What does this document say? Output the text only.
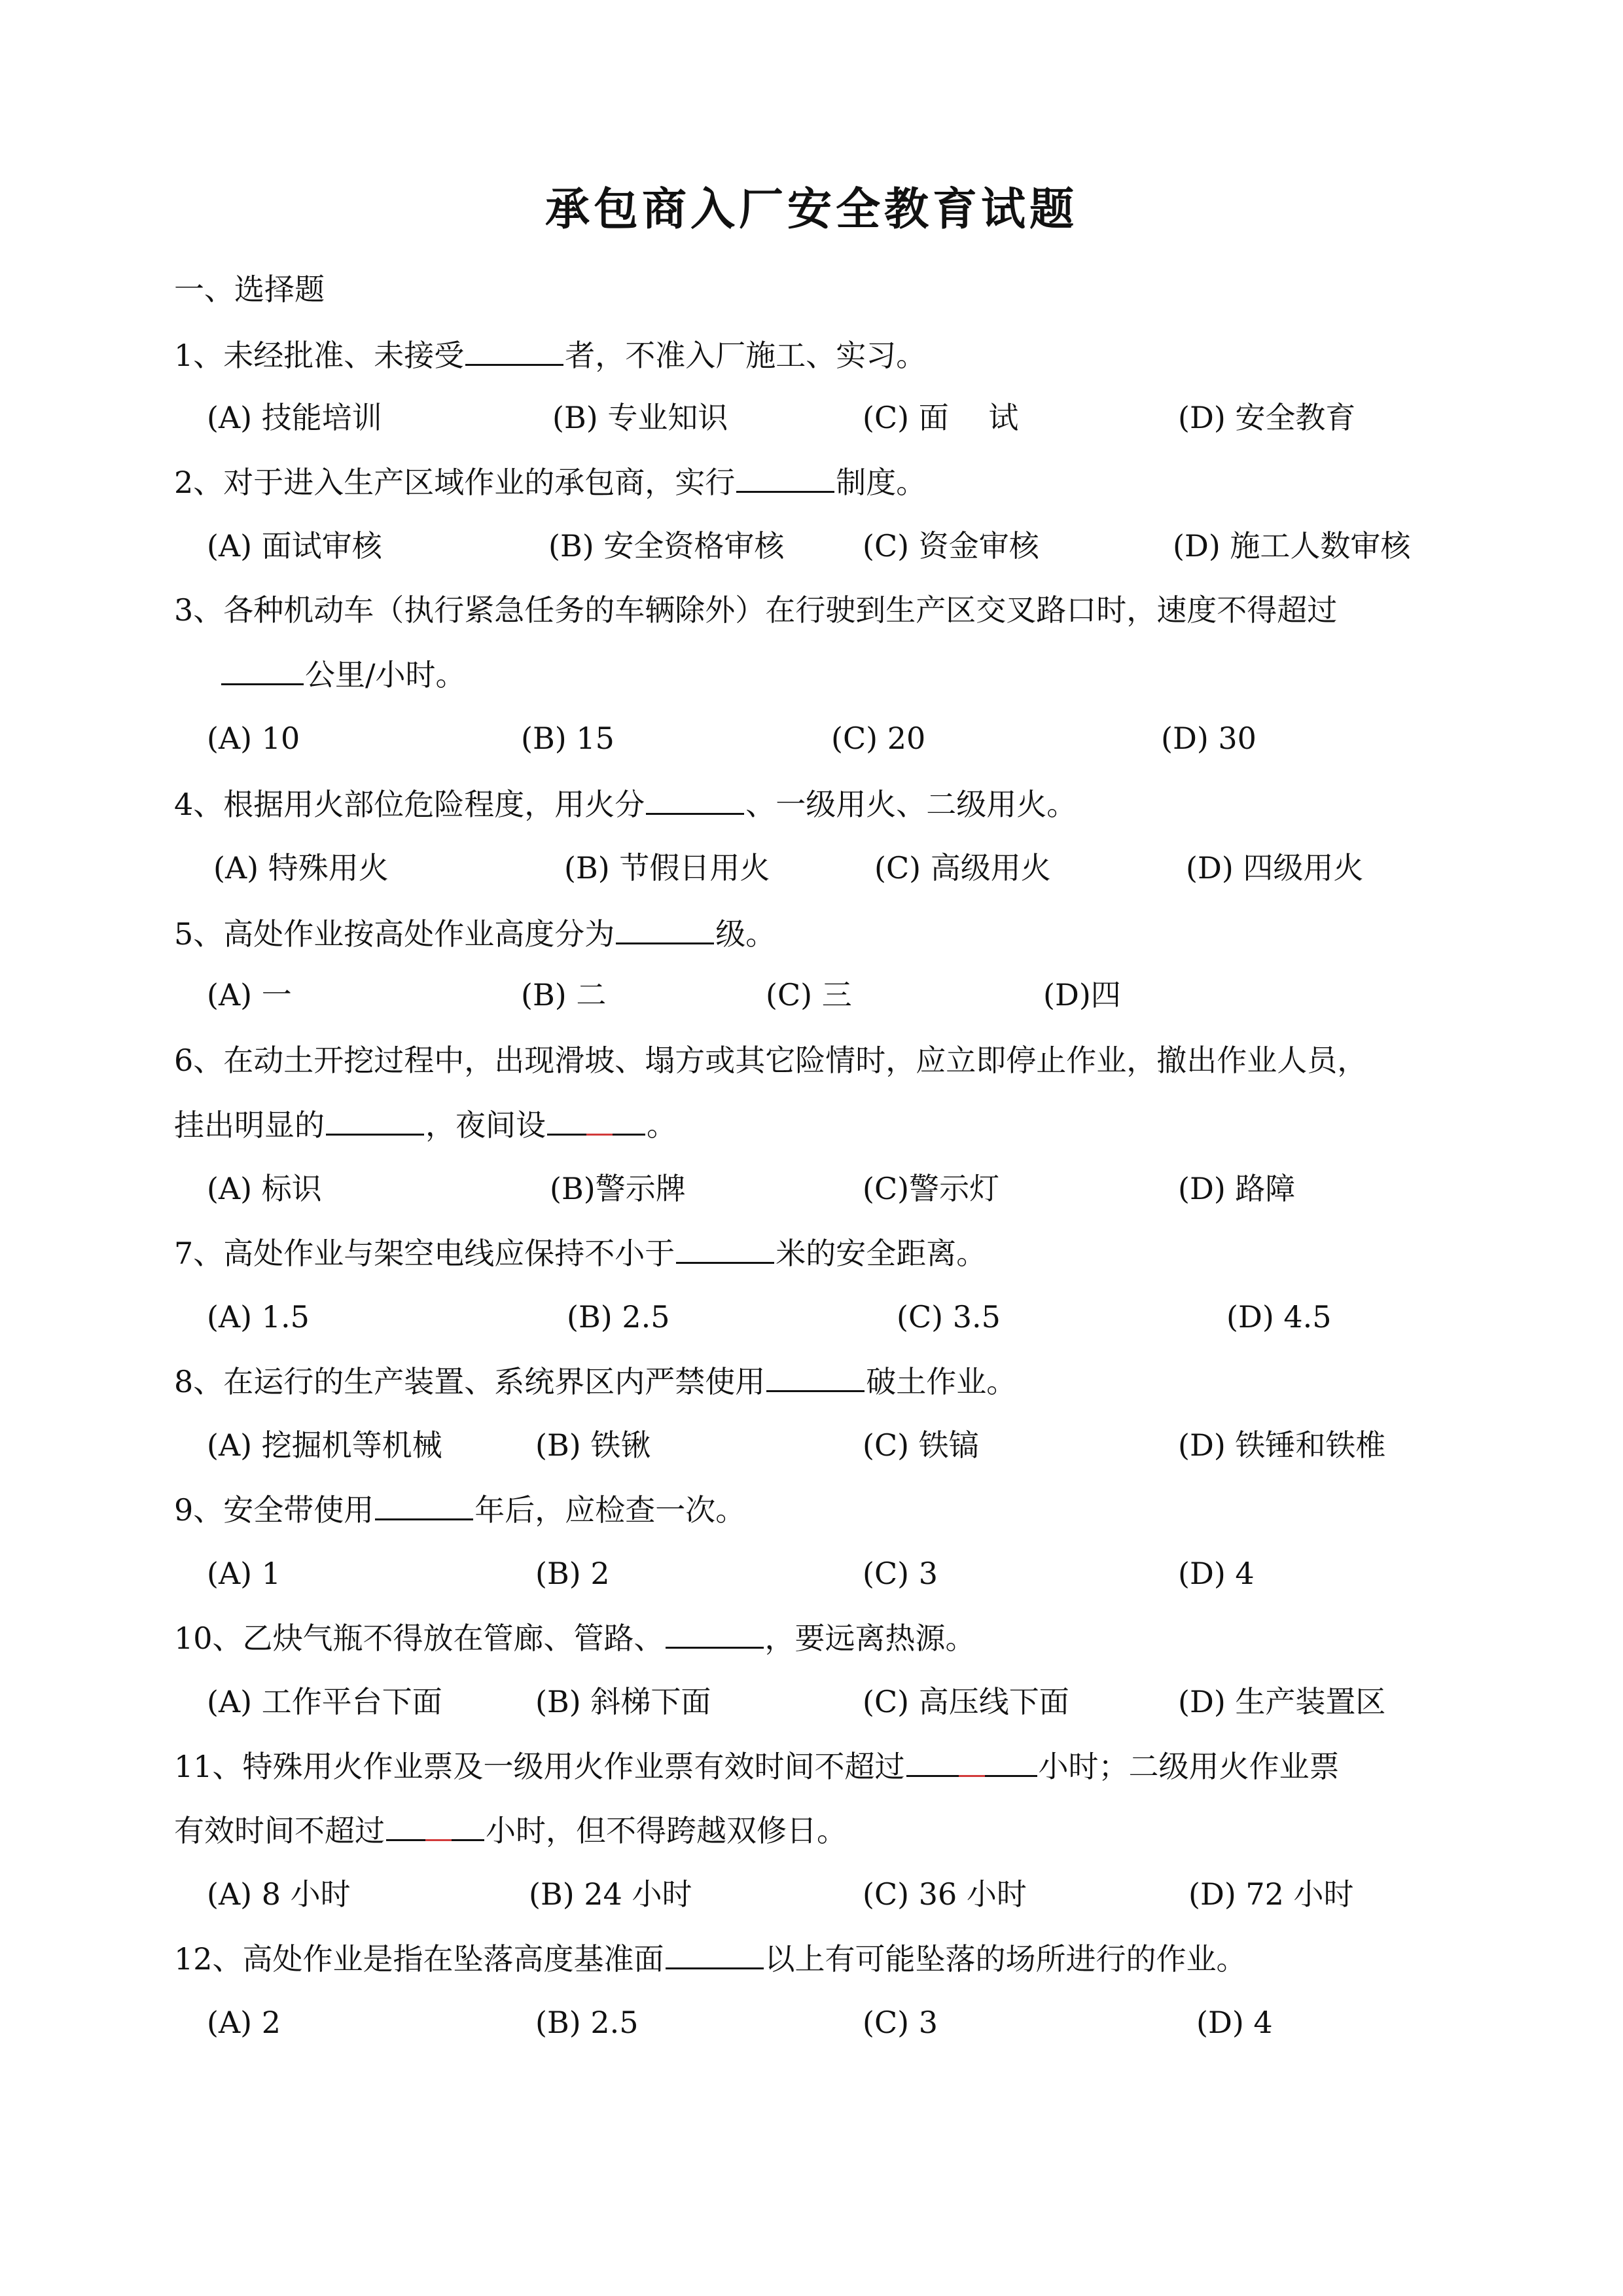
承包商入厂安全教育试题
一、选择题
1、未经批准、未接受	者，不准入厂施工、实习。
(A) 技能培训	(B) 专业知识	(C) 面　 试	(D) 安全教育
2、对于进入生产区域作业的承包商，实行	制度。
(A) 面试审核	(B) 安全资格审核	(C) 资金审核	(D) 施工人数审核
3、各种机动车（执行紧急任务的车辆除外）在行驶到生产区交叉路口时，速度不得超过
公里/小时。
(A) 10	(B) 15	(C) 20	(D) 30
4、根据用火部位危险程度，用火分	、一级用火、二级用火。
(A) 特殊用火	(B) 节假日用火	(C) 高级用火	(D) 四级用火
5、高处作业按高处作业高度分为	级。
(A) 一	(B) 二	(C) 三	(D)四
6、在动土开挖过程中，出现滑坡、塌方或其它险情时，应立即停止作业，撤出作业人员，
挂出明显的	，夜间设	。
(A) 标识	(B)警示牌	(C)警示灯	(D) 路障
7、高处作业与架空电线应保持不小于	米的安全距离。
(A) 1.5	(B) 2.5	(C) 3.5	(D) 4.5
8、在运行的生产装置、系统界区内严禁使用	破土作业。
(A) 挖掘机等机械	(B) 铁锹	(C) 铁镐	(D) 铁锤和铁椎
9、安全带使用	年后，应检查一次。
(A) 1	(B) 2	(C) 3	(D) 4
10、乙炔气瓶不得放在管廊、管路、	，要远离热源。
(A) 工作平台下面	(B) 斜梯下面	(C) 高压线下面	(D) 生产装置区
11、特殊用火作业票及一级用火作业票有效时间不超过	小时；二级用火作业票
有效时间不超过	小时，但不得跨越双修日。
(A) 8 小时	(B) 24 小时	(C) 36 小时	(D) 72 小时
12、高处作业是指在坠落高度基准面	以上有可能坠落的场所进行的作业。
(A) 2	(B) 2.5	(C) 3	(D) 4
